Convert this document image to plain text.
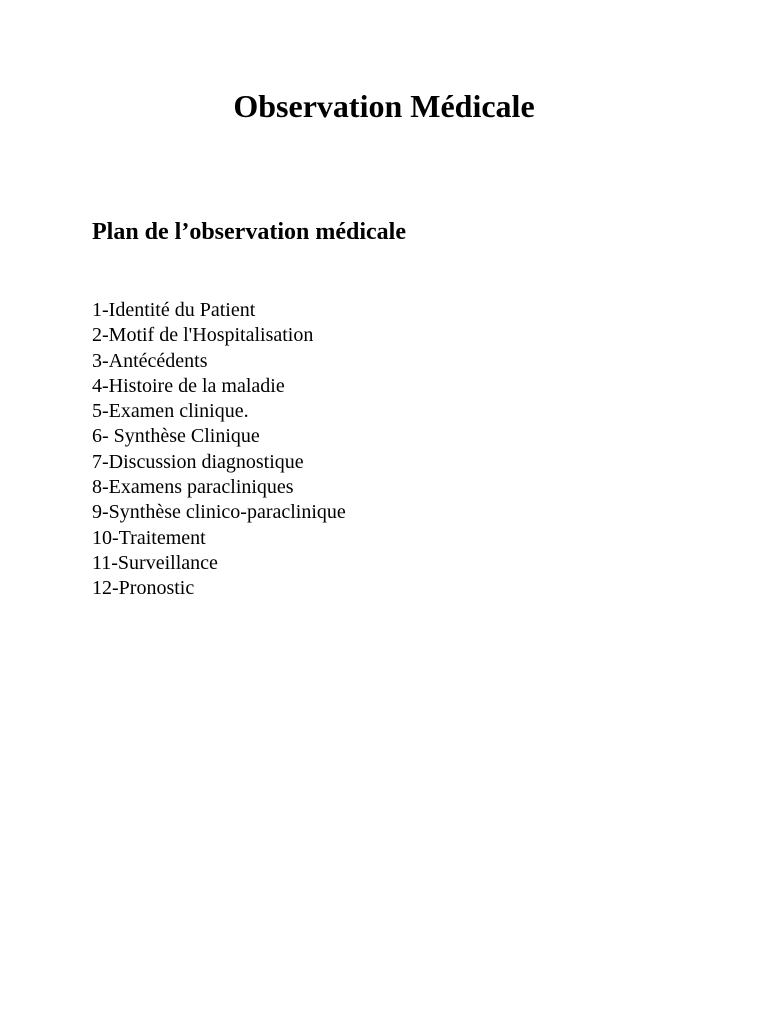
Observation Médicale
Plan de l’observation médicale
1-Identité du Patient
2-Motif de l'Hospitalisation
3-Antécédents
4-Histoire de la maladie
5-Examen clinique.
6- Synthèse Clinique
7-Discussion diagnostique
8-Examens paracliniques
9-Synthèse clinico-paraclinique
10-Traitement
11-Surveillance
12-Pronostic
